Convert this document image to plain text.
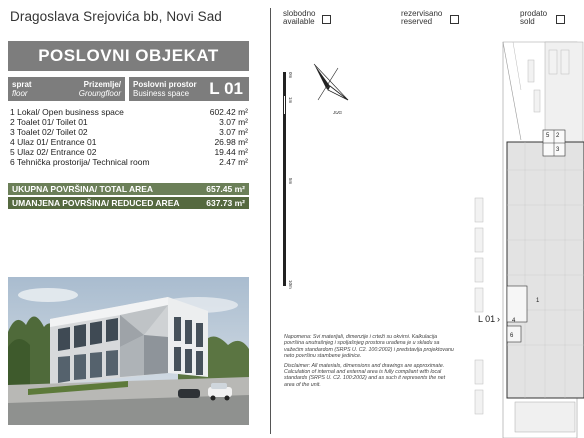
Dragoslava Srejovića bb, Novi Sad
POSLOVNI OBJEKAT
sprat
floor
Prizemlje/
Groungfloor
Poslovni prostor
Business space L 01
1 Lokal/ Open business space	602.42 m²
2 Toalet 01/ Toilet 01	3.07 m²
3 Toalet 02/ Toilet 02	3.07 m²
4 Ulaz 01/ Entrance 01	26.98 m²
5 Ulaz 02/ Entrance 02	19.44 m²
6 Tehnička prostorija/ Technical room	2.47 m²
UKUPNA POVRŠINA/ TOTAL AREA	657.45 m²
UMANJENA POVRŠINA/ REDUCED AREA	637.73 m²
slobodno
available
rezervisano
reserved
prodato
sold
0m
1m
5m
10m
JUG
5 2
3
1
4
6
L 01 ›

Napomena: Svi materijali, dimenzije i crteži su okvirni. Kalkulacija površina unutrašnjeg i spoljašnjeg prostora urađena je u skladu sa važećim standardom (SRPS U. C2. 100:2002) i predstavlja projektovanu neto površinu stambene jedinice.

Disclaimer: All materials, dimensions and drawings are approximate. Calculation of internal and external area is fully compliant with local standards (SRPS U. C2. 100:2002) and as such it represents the net area of the unit.
